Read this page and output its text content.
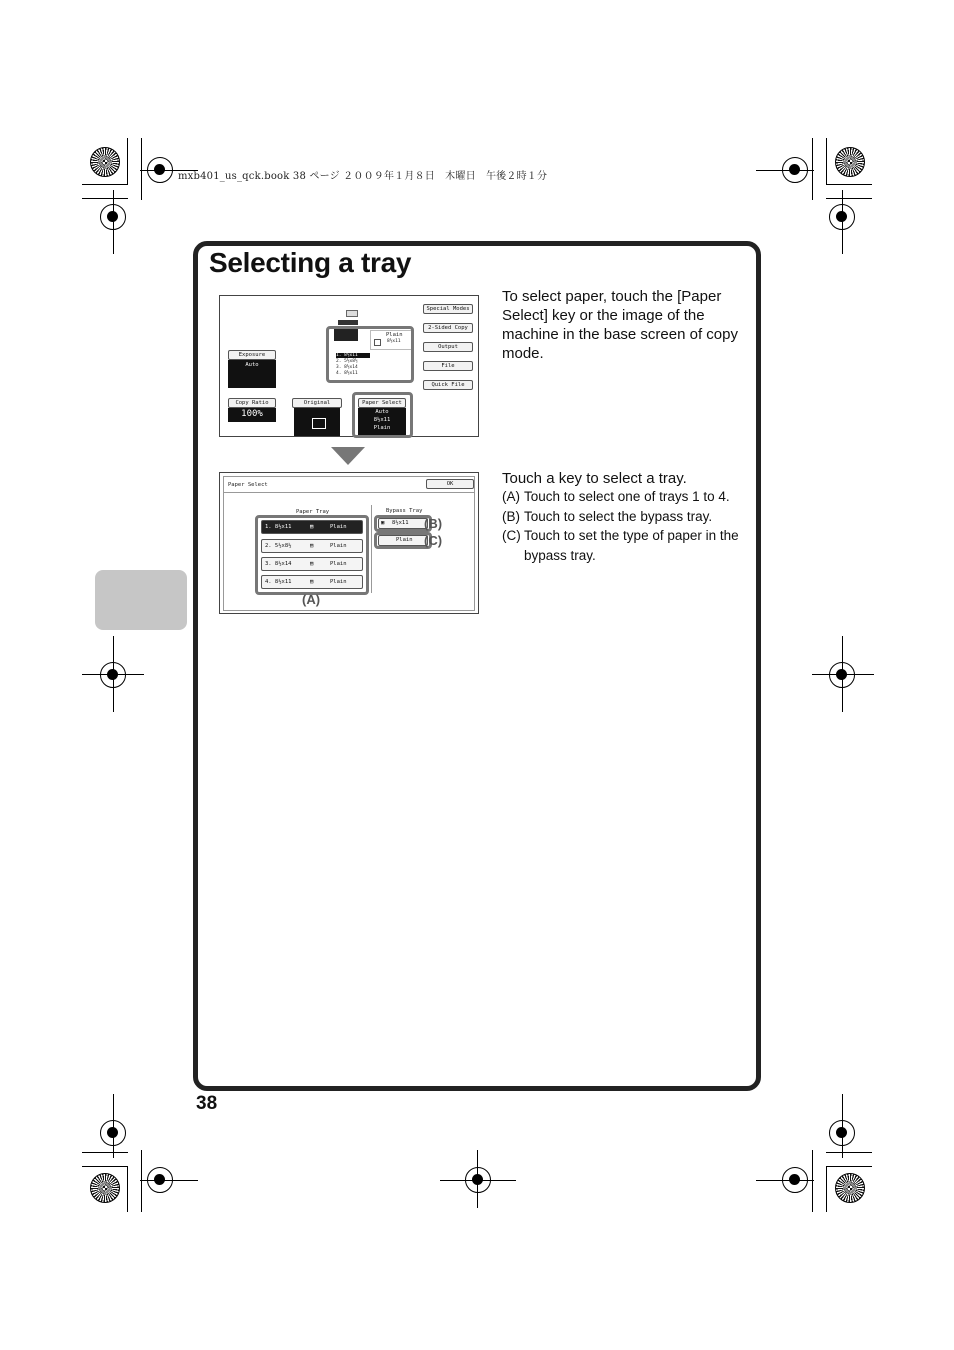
mxb401_us_qck.book 38 ページ ２００９年１月８日　木曜日　午後２時１分
Selecting a tray
To select paper, touch the [Paper Select] key or the image of the machine in the base screen of copy mode.
Plain
8½x11
1. 8½x11
2. 5½x8½
3. 8½x14
4. 8½x11
Special Modes
2-Sided Copy
Output
File
Quick File
Exposure
Auto
Copy Ratio
100%
Original	Paper Select
Auto
8½x11
Plain
Paper Select	OK
Paper Tray	Bypass Tray
1. 8½x11	▤	Plain
2. 5½x8½	▤	Plain
3. 8½x14	▤	Plain
4. 8½x11	▤	Plain
(A)
▣ 8½x11 (B)
Plain (C)
Touch a key to select a tray.
(A) Touch to select one of trays 1 to 4.
(B) Touch to select the bypass tray.
(C) Touch to set the type of paper in the bypass tray.
38
